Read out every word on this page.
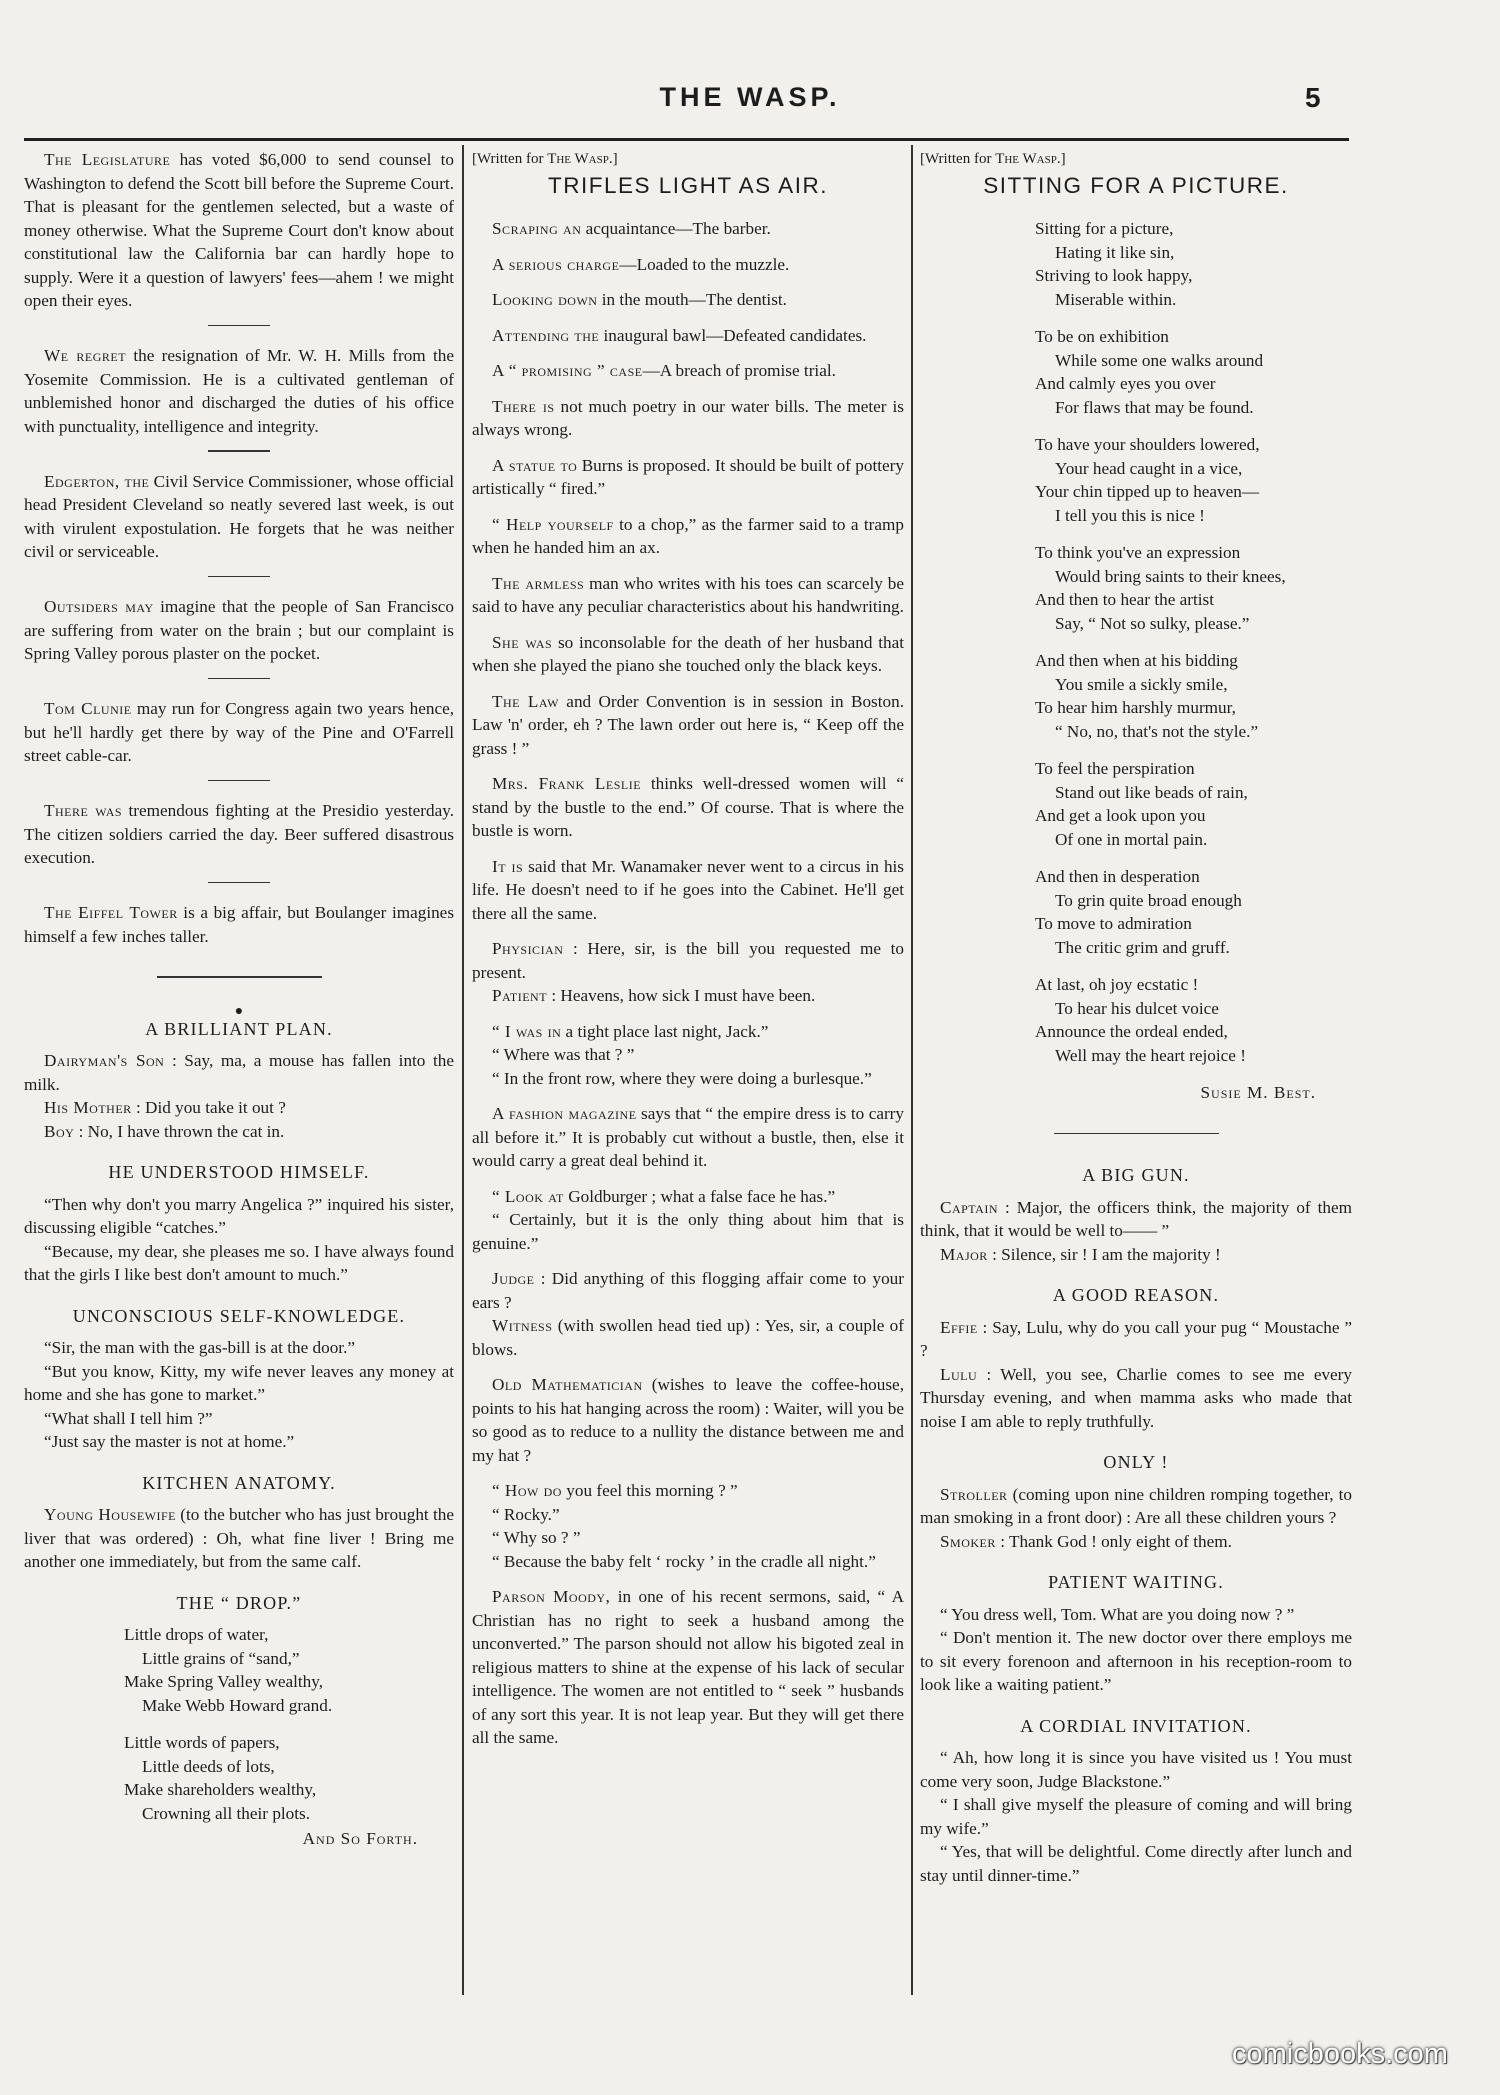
THE WASP.	5

The Legislature has voted $6,000 to send counsel to Washington to defend the Scott bill before the Supreme Court. That is pleasant for the gentlemen selected, but a waste of money otherwise. What the Supreme Court don't know about constitutional law the California bar can hardly hope to supply. Were it a question of lawyers' fees—ahem ! we might open their eyes.

We regret the resignation of Mr. W. H. Mills from the Yosemite Commission. He is a cultivated gentleman of unblemished honor and discharged the duties of his office with punctuality, intelligence and integrity.

Edgerton, the Civil Service Commissioner, whose official head President Cleveland so neatly severed last week, is out with virulent expostulation. He forgets that he was neither civil or serviceable.

Outsiders may imagine that the people of San Francisco are suffering from water on the brain ; but our complaint is Spring Valley porous plaster on the pocket.

Tom Clunie may run for Congress again two years hence, but he'll hardly get there by way of the Pine and O'Farrell street cable-car.

There was tremendous fighting at the Presidio yesterday. The citizen soldiers carried the day. Beer suffered disastrous execution.

The Eiffel Tower is a big affair, but Boulanger imagines himself a few inches taller.

●
A BRILLIANT PLAN.

Dairyman's Son : Say, ma, a mouse has fallen into the milk.

His Mother : Did you take it out ?

Boy : No, I have thrown the cat in.

HE UNDERSTOOD HIMSELF.

“Then why don't you marry Angelica ?” inquired his sister, discussing eligible “catches.”

“Because, my dear, she pleases me so. I have always found that the girls I like best don't amount to much.”

UNCONSCIOUS SELF-KNOWLEDGE.

“Sir, the man with the gas-bill is at the door.”

“But you know, Kitty, my wife never leaves any money at home and she has gone to market.”

“What shall I tell him ?”

“Just say the master is not at home.”

KITCHEN ANATOMY.

Young Housewife (to the butcher who has just brought the liver that was ordered) : Oh, what fine liver ! Bring me another one immediately, but from the same calf.

THE “ DROP.”
Little drops of water,
Little grains of “sand,”
Make Spring Valley wealthy,
Make Webb Howard grand.
Little words of papers,
Little deeds of lots,
Make shareholders wealthy,
Crowning all their plots.
And So Forth.

[Written for The Wasp.]

TRIFLES LIGHT AS AIR.

Scraping an acquaintance—The barber.

A serious charge—Loaded to the muzzle.

Looking down in the mouth—The dentist.

Attending the inaugural bawl—Defeated candidates.

A “ promising ” case—A breach of promise trial.

There is not much poetry in our water bills. The meter is always wrong.

A statue to Burns is proposed. It should be built of pottery artistically “ fired.”

“ Help yourself to a chop,” as the farmer said to a tramp when he handed him an ax.

The armless man who writes with his toes can scarcely be said to have any peculiar characteristics about his handwriting.

She was so inconsolable for the death of her husband that when she played the piano she touched only the black keys.

The Law and Order Convention is in session in Boston. Law 'n' order, eh ? The lawn order out here is, “ Keep off the grass ! ”

Mrs. Frank Leslie thinks well-dressed women will “ stand by the bustle to the end.” Of course. That is where the bustle is worn.

It is said that Mr. Wanamaker never went to a circus in his life. He doesn't need to if he goes into the Cabinet. He'll get there all the same.

Physician : Here, sir, is the bill you requested me to present.

Patient : Heavens, how sick I must have been.

“ I was in a tight place last night, Jack.”

“ Where was that ? ”

“ In the front row, where they were doing a burlesque.”

A fashion magazine says that “ the empire dress is to carry all before it.” It is probably cut without a bustle, then, else it would carry a great deal behind it.

“ Look at Goldburger ; what a false face he has.”

“ Certainly, but it is the only thing about him that is genuine.”

Judge : Did anything of this flogging affair come to your ears ?

Witness (with swollen head tied up) : Yes, sir, a couple of blows.

Old Mathematician (wishes to leave the coffee-house, points to his hat hanging across the room) : Waiter, will you be so good as to reduce to a nullity the distance between me and my hat ?

“ How do you feel this morning ? ”

“ Rocky.”

“ Why so ? ”

“ Because the baby felt ‘ rocky ’ in the cradle all night.”

Parson Moody, in one of his recent sermons, said, “ A Christian has no right to seek a husband among the unconverted.” The parson should not allow his bigoted zeal in religious matters to shine at the expense of his lack of secular intelligence. The women are not entitled to “ seek ” husbands of any sort this year. It is not leap year. But they will get there all the same.

[Written for The Wasp.]

SITTING FOR A PICTURE.
Sitting for a picture,
Hating it like sin,
Striving to look happy,
Miserable within.
To be on exhibition
While some one walks around
And calmly eyes you over
For flaws that may be found.
To have your shoulders lowered,
Your head caught in a vice,
Your chin tipped up to heaven—
I tell you this is nice !
To think you've an expression
Would bring saints to their knees,
And then to hear the artist
Say, “ Not so sulky, please.”
And then when at his bidding
You smile a sickly smile,
To hear him harshly murmur,
“ No, no, that's not the style.”
To feel the perspiration
Stand out like beads of rain,
And get a look upon you
Of one in mortal pain.
And then in desperation
To grin quite broad enough
To move to admiration
The critic grim and gruff.
At last, oh joy ecstatic !
To hear his dulcet voice
Announce the ordeal ended,
Well may the heart rejoice !
Susie M. Best.
A BIG GUN.

Captain : Major, the officers think, the majority of them think, that it would be well to—— ”

Major : Silence, sir ! I am the majority !

A GOOD REASON.

Effie : Say, Lulu, why do you call your pug “ Moustache ” ?

Lulu : Well, you see, Charlie comes to see me every Thursday evening, and when mamma asks who made that noise I am able to reply truthfully.

ONLY !

Stroller (coming upon nine children romping together, to man smoking in a front door) : Are all these children yours ?

Smoker : Thank God ! only eight of them.

PATIENT WAITING.

“ You dress well, Tom. What are you doing now ? ”

“ Don't mention it. The new doctor over there employs me to sit every forenoon and afternoon in his reception-room to look like a waiting patient.”

A CORDIAL INVITATION.

“ Ah, how long it is since you have visited us ! You must come very soon, Judge Blackstone.”

“ I shall give myself the pleasure of coming and will bring my wife.”

“ Yes, that will be delightful. Come directly after lunch and stay until dinner-time.”

comicbooks.com
